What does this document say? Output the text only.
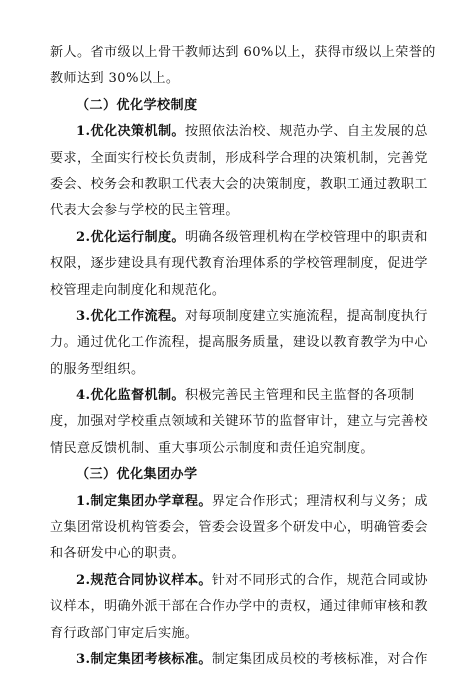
新人。省市级以上骨干教师达到 60%以上，获得市级以上荣誉的
教师达到 30%以上。
（二）优化学校制度
1.优化决策机制。按照依法治校、规范办学、自主发展的总
要求，全面实行校长负责制，形成科学合理的决策机制，完善党
委会、校务会和教职工代表大会的决策制度，教职工通过教职工
代表大会参与学校的民主管理。
2.优化运行制度。明确各级管理机构在学校管理中的职责和
权限，逐步建设具有现代教育治理体系的学校管理制度，促进学
校管理走向制度化和规范化。
3.优化工作流程。对每项制度建立实施流程，提高制度执行
力。通过优化工作流程，提高服务质量，建设以教育教学为中心
的服务型组织。
4.优化监督机制。积极完善民主管理和民主监督的各项制
度，加强对学校重点领域和关键环节的监督审计，建立与完善校
情民意反馈机制、重大事项公示制度和责任追究制度。
（三）优化集团办学
1.制定集团办学章程。界定合作形式；理清权利与义务；成
立集团常设机构管委会，管委会设置多个研发中心，明确管委会
和各研发中心的职责。
2.规范合同协议样本。针对不同形式的合作，规范合同或协
议样本，明确外派干部在合作办学中的责权，通过律师审核和教
育行政部门审定后实施。
3.制定集团考核标准。制定集团成员校的考核标准，对合作
